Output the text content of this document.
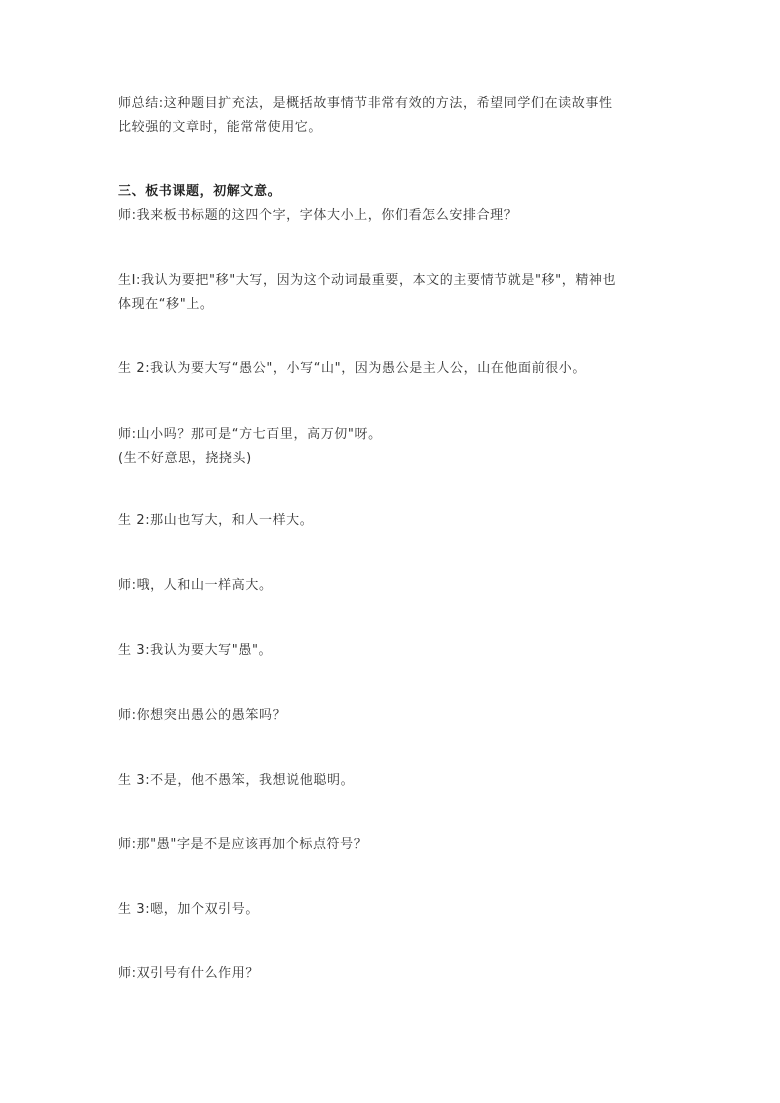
师总结:这种题目扩充法，是概括故事情节非常有效的方法，希望同学们在读故事性
比较强的文章时，能常常使用它。

三、板书课题，初解文意。
师:我来板书标题的这四个字，字体大小上，你们看怎么安排合理？

生Ⅰ:我认为要把"移"大写，因为这个动词最重要，本文的主要情节就是"移"，精神也
体现在“移"上。

生 2:我认为要大写“愚公"，小写“山"，因为愚公是主人公，山在他面前很小。

师:山小吗？那可是“方七百里，高万仞"呀。
(生不好意思，挠挠头)

生 2:那山也写大，和人一样大。

师:哦，人和山一样高大。

生 3:我认为要大写"愚"。

师:你想突出愚公的愚笨吗？

生 3:不是，他不愚笨，我想说他聪明。

师:那"愚"字是不是应该再加个标点符号？

生 3:嗯，加个双引号。

师:双引号有什么作用？
